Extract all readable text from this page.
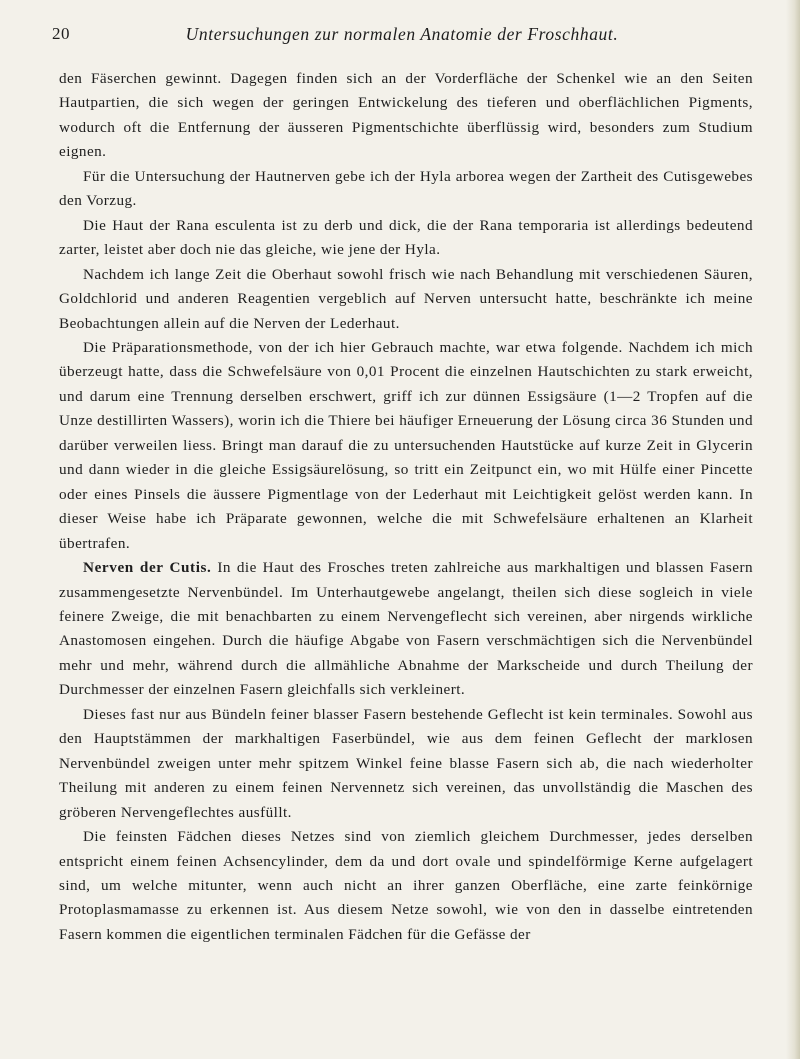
20	Untersuchungen zur normalen Anatomie der Froschhaut.

den Fäserchen gewinnt. Dagegen finden sich an der Vorderfläche der Schenkel wie an den Seiten Hautpartien, die sich wegen der geringen Entwickelung des tieferen und oberflächlichen Pigments, wodurch oft die Entfernung der äusseren Pigmentschichte überflüssig wird, besonders zum Studium eignen.

Für die Untersuchung der Hautnerven gebe ich der Hyla arborea wegen der Zartheit des Cutisgewebes den Vorzug.

Die Haut der Rana esculenta ist zu derb und dick, die der Rana temporaria ist allerdings bedeutend zarter, leistet aber doch nie das gleiche, wie jene der Hyla.

Nachdem ich lange Zeit die Oberhaut sowohl frisch wie nach Behandlung mit verschiedenen Säuren, Goldchlorid und anderen Reagentien vergeblich auf Nerven untersucht hatte, beschränkte ich meine Beobachtungen allein auf die Nerven der Lederhaut.

Die Präparationsmethode, von der ich hier Gebrauch machte, war etwa folgende. Nachdem ich mich überzeugt hatte, dass die Schwefelsäure von 0,01 Procent die einzelnen Hautschichten zu stark erweicht, und darum eine Trennung derselben erschwert, griff ich zur dünnen Essigsäure (1—2 Tropfen auf die Unze destillirten Wassers), worin ich die Thiere bei häufiger Erneuerung der Lösung circa 36 Stunden und darüber verweilen liess. Bringt man darauf die zu untersuchenden Hautstücke auf kurze Zeit in Glycerin und dann wieder in die gleiche Essigsäurelösung, so tritt ein Zeitpunct ein, wo mit Hülfe einer Pincette oder eines Pinsels die äussere Pigmentlage von der Lederhaut mit Leichtigkeit gelöst werden kann. In dieser Weise habe ich Präparate gewonnen, welche die mit Schwefelsäure erhaltenen an Klarheit übertrafen.

Nerven der Cutis. In die Haut des Frosches treten zahlreiche aus markhaltigen und blassen Fasern zusammengesetzte Nervenbündel. Im Unterhautgewebe angelangt, theilen sich diese sogleich in viele feinere Zweige, die mit benachbarten zu einem Nervengeflecht sich vereinen, aber nirgends wirkliche Anastomosen eingehen. Durch die häufige Abgabe von Fasern verschmächtigen sich die Nervenbündel mehr und mehr, während durch die allmähliche Abnahme der Markscheide und durch Theilung der Durchmesser der einzelnen Fasern gleichfalls sich verkleinert.

Dieses fast nur aus Bündeln feiner blasser Fasern bestehende Geflecht ist kein terminales. Sowohl aus den Hauptstämmen der markhaltigen Faserbündel, wie aus dem feinen Geflecht der marklosen Nervenbündel zweigen unter mehr spitzem Winkel feine blasse Fasern sich ab, die nach wiederholter Theilung mit anderen zu einem feinen Nervennetz sich vereinen, das unvollständig die Maschen des gröberen Nervengeflechtes ausfüllt.

Die feinsten Fädchen dieses Netzes sind von ziemlich gleichem Durchmesser, jedes derselben entspricht einem feinen Achsencylinder, dem da und dort ovale und spindelförmige Kerne aufgelagert sind, um welche mitunter, wenn auch nicht an ihrer ganzen Oberfläche, eine zarte feinkörnige Protoplasmamasse zu erkennen ist. Aus diesem Netze sowohl, wie von den in dasselbe eintretenden Fasern kommen die eigentlichen terminalen Fädchen für die Gefässe der
